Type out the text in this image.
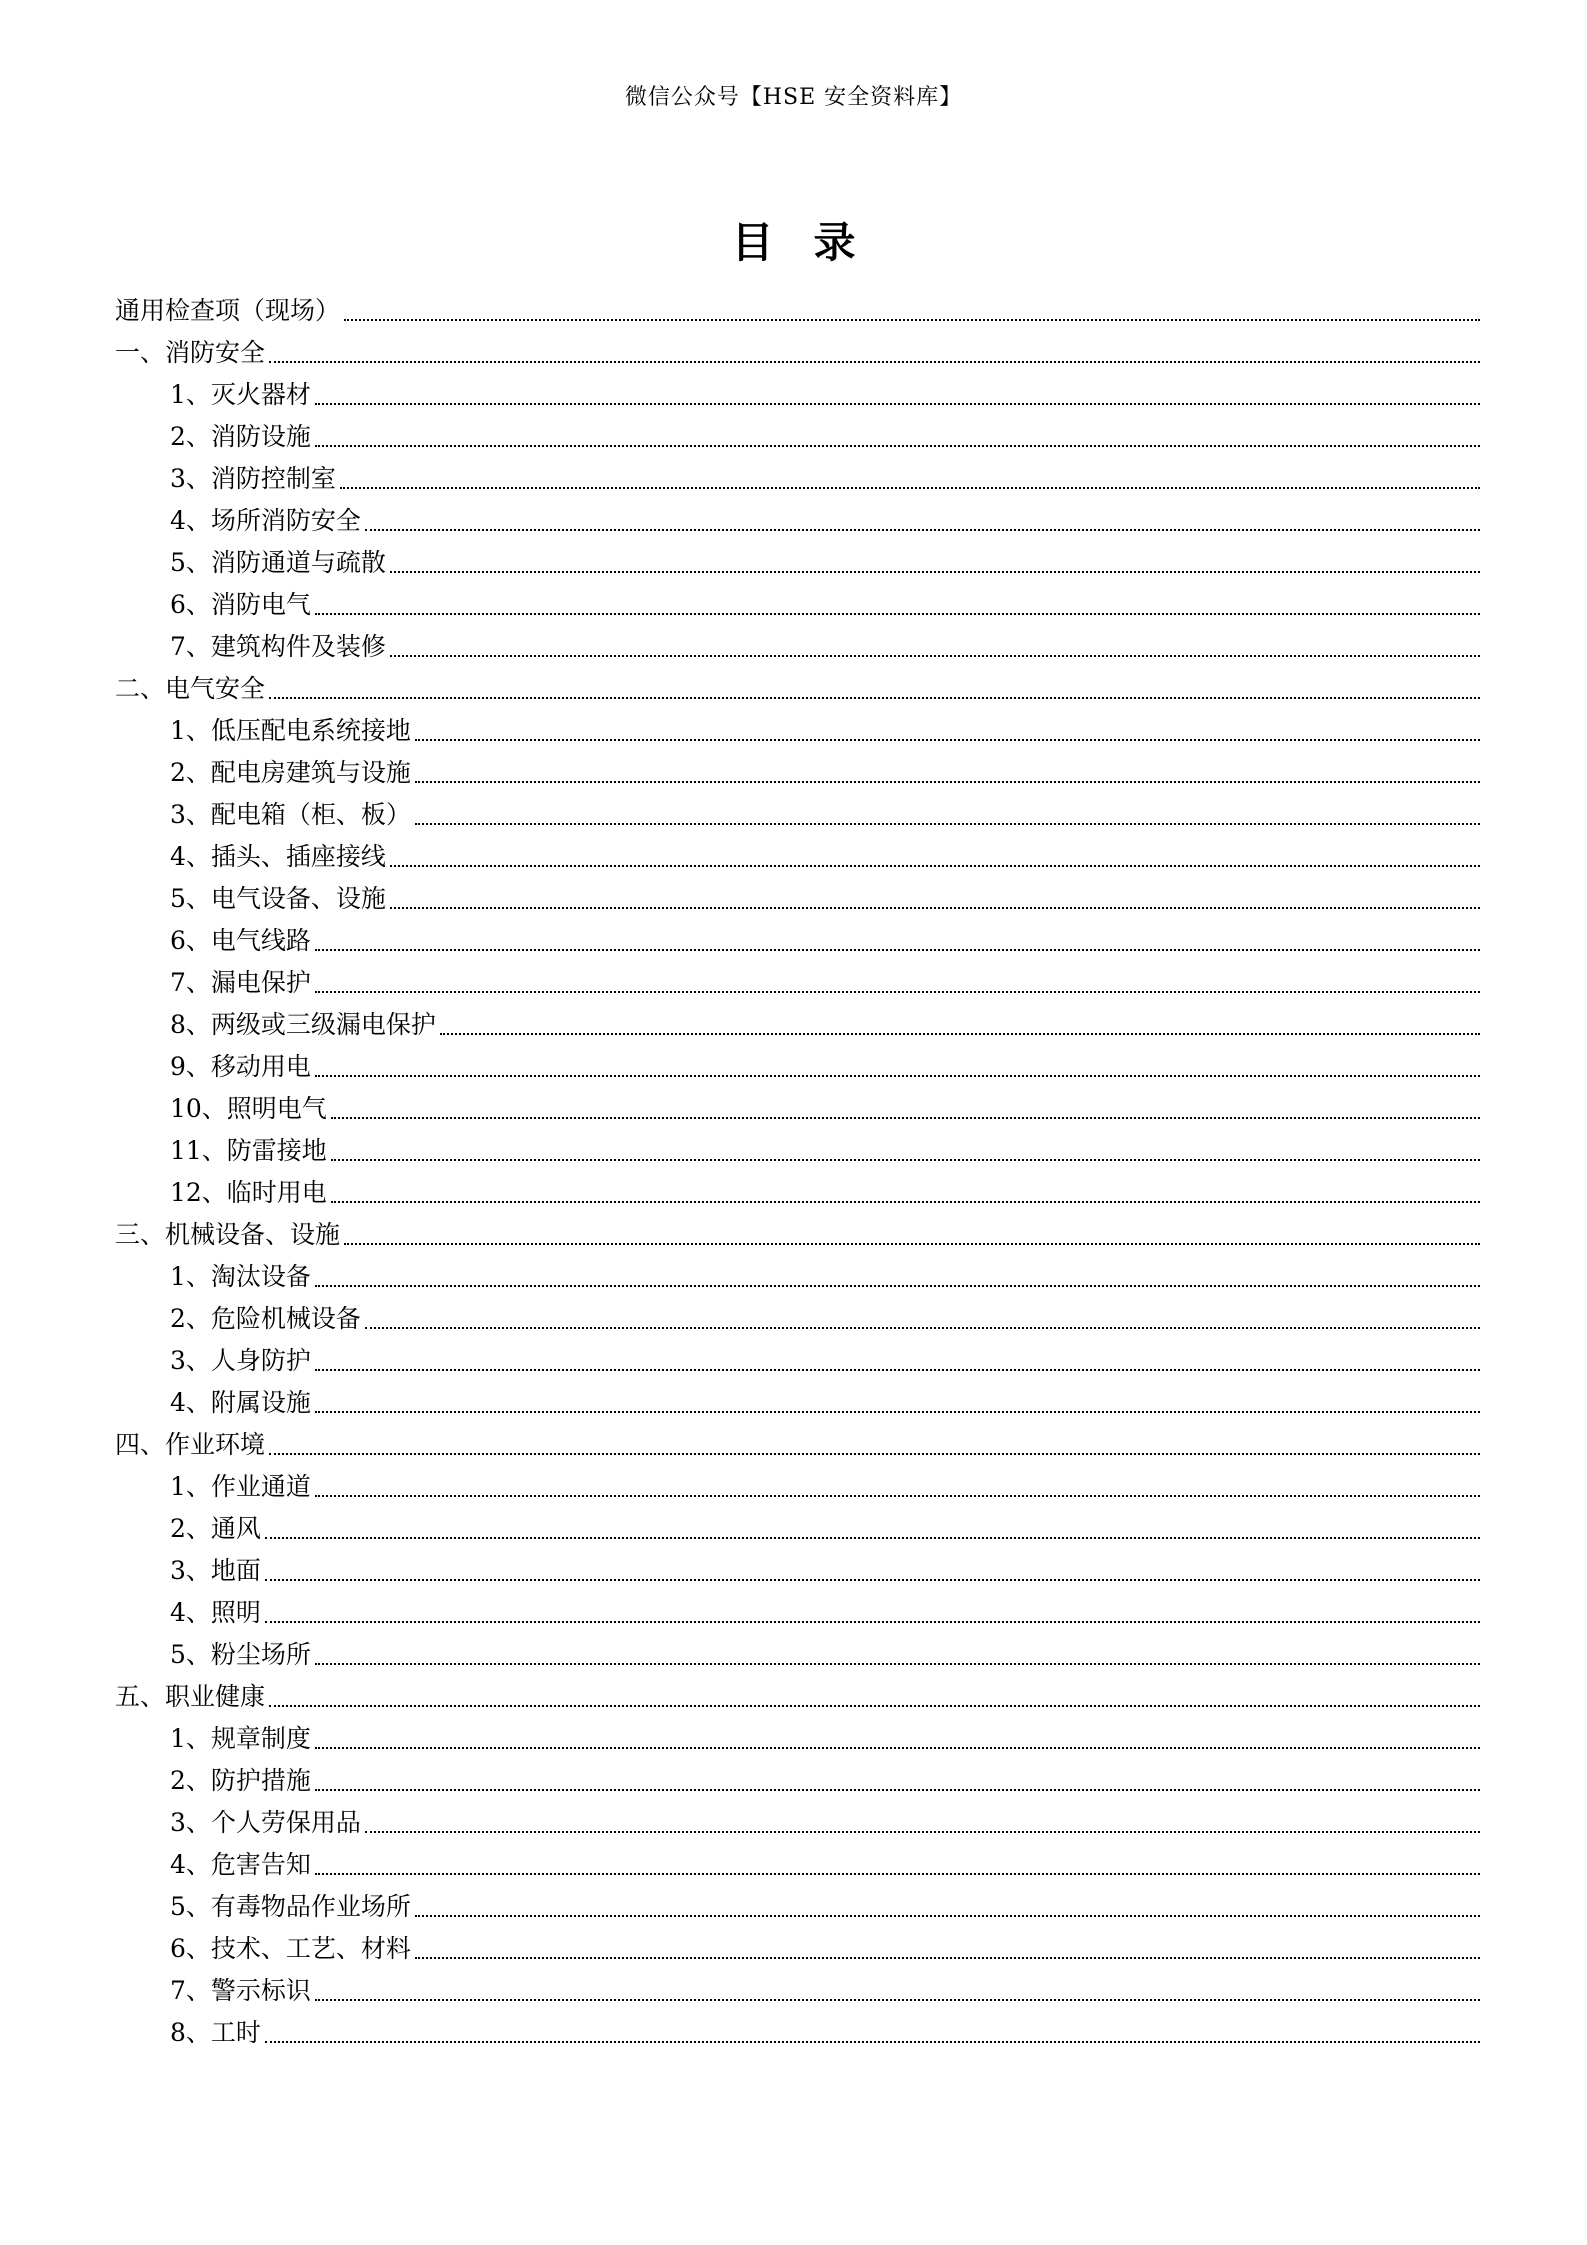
微信公众号【HSE 安全资料库】
目录
通用检查项（现场）
一、消防安全
1、灭火器材
2、消防设施
3、消防控制室
4、场所消防安全
5、消防通道与疏散
6、消防电气
7、建筑构件及装修
二、电气安全
1、低压配电系统接地
2、配电房建筑与设施
3、配电箱（柜、板）
4、插头、插座接线
5、电气设备、设施
6、电气线路
7、漏电保护
8、两级或三级漏电保护
9、移动用电
10、照明电气
11、防雷接地
12、临时用电
三、机械设备、设施
1、淘汰设备
2、危险机械设备
3、人身防护
4、附属设施
四、作业环境
1、作业通道
2、通风
3、地面
4、照明
5、粉尘场所
五、职业健康
1、规章制度
2、防护措施
3、个人劳保用品
4、危害告知
5、有毒物品作业场所
6、技术、工艺、材料
7、警示标识
8、工时
